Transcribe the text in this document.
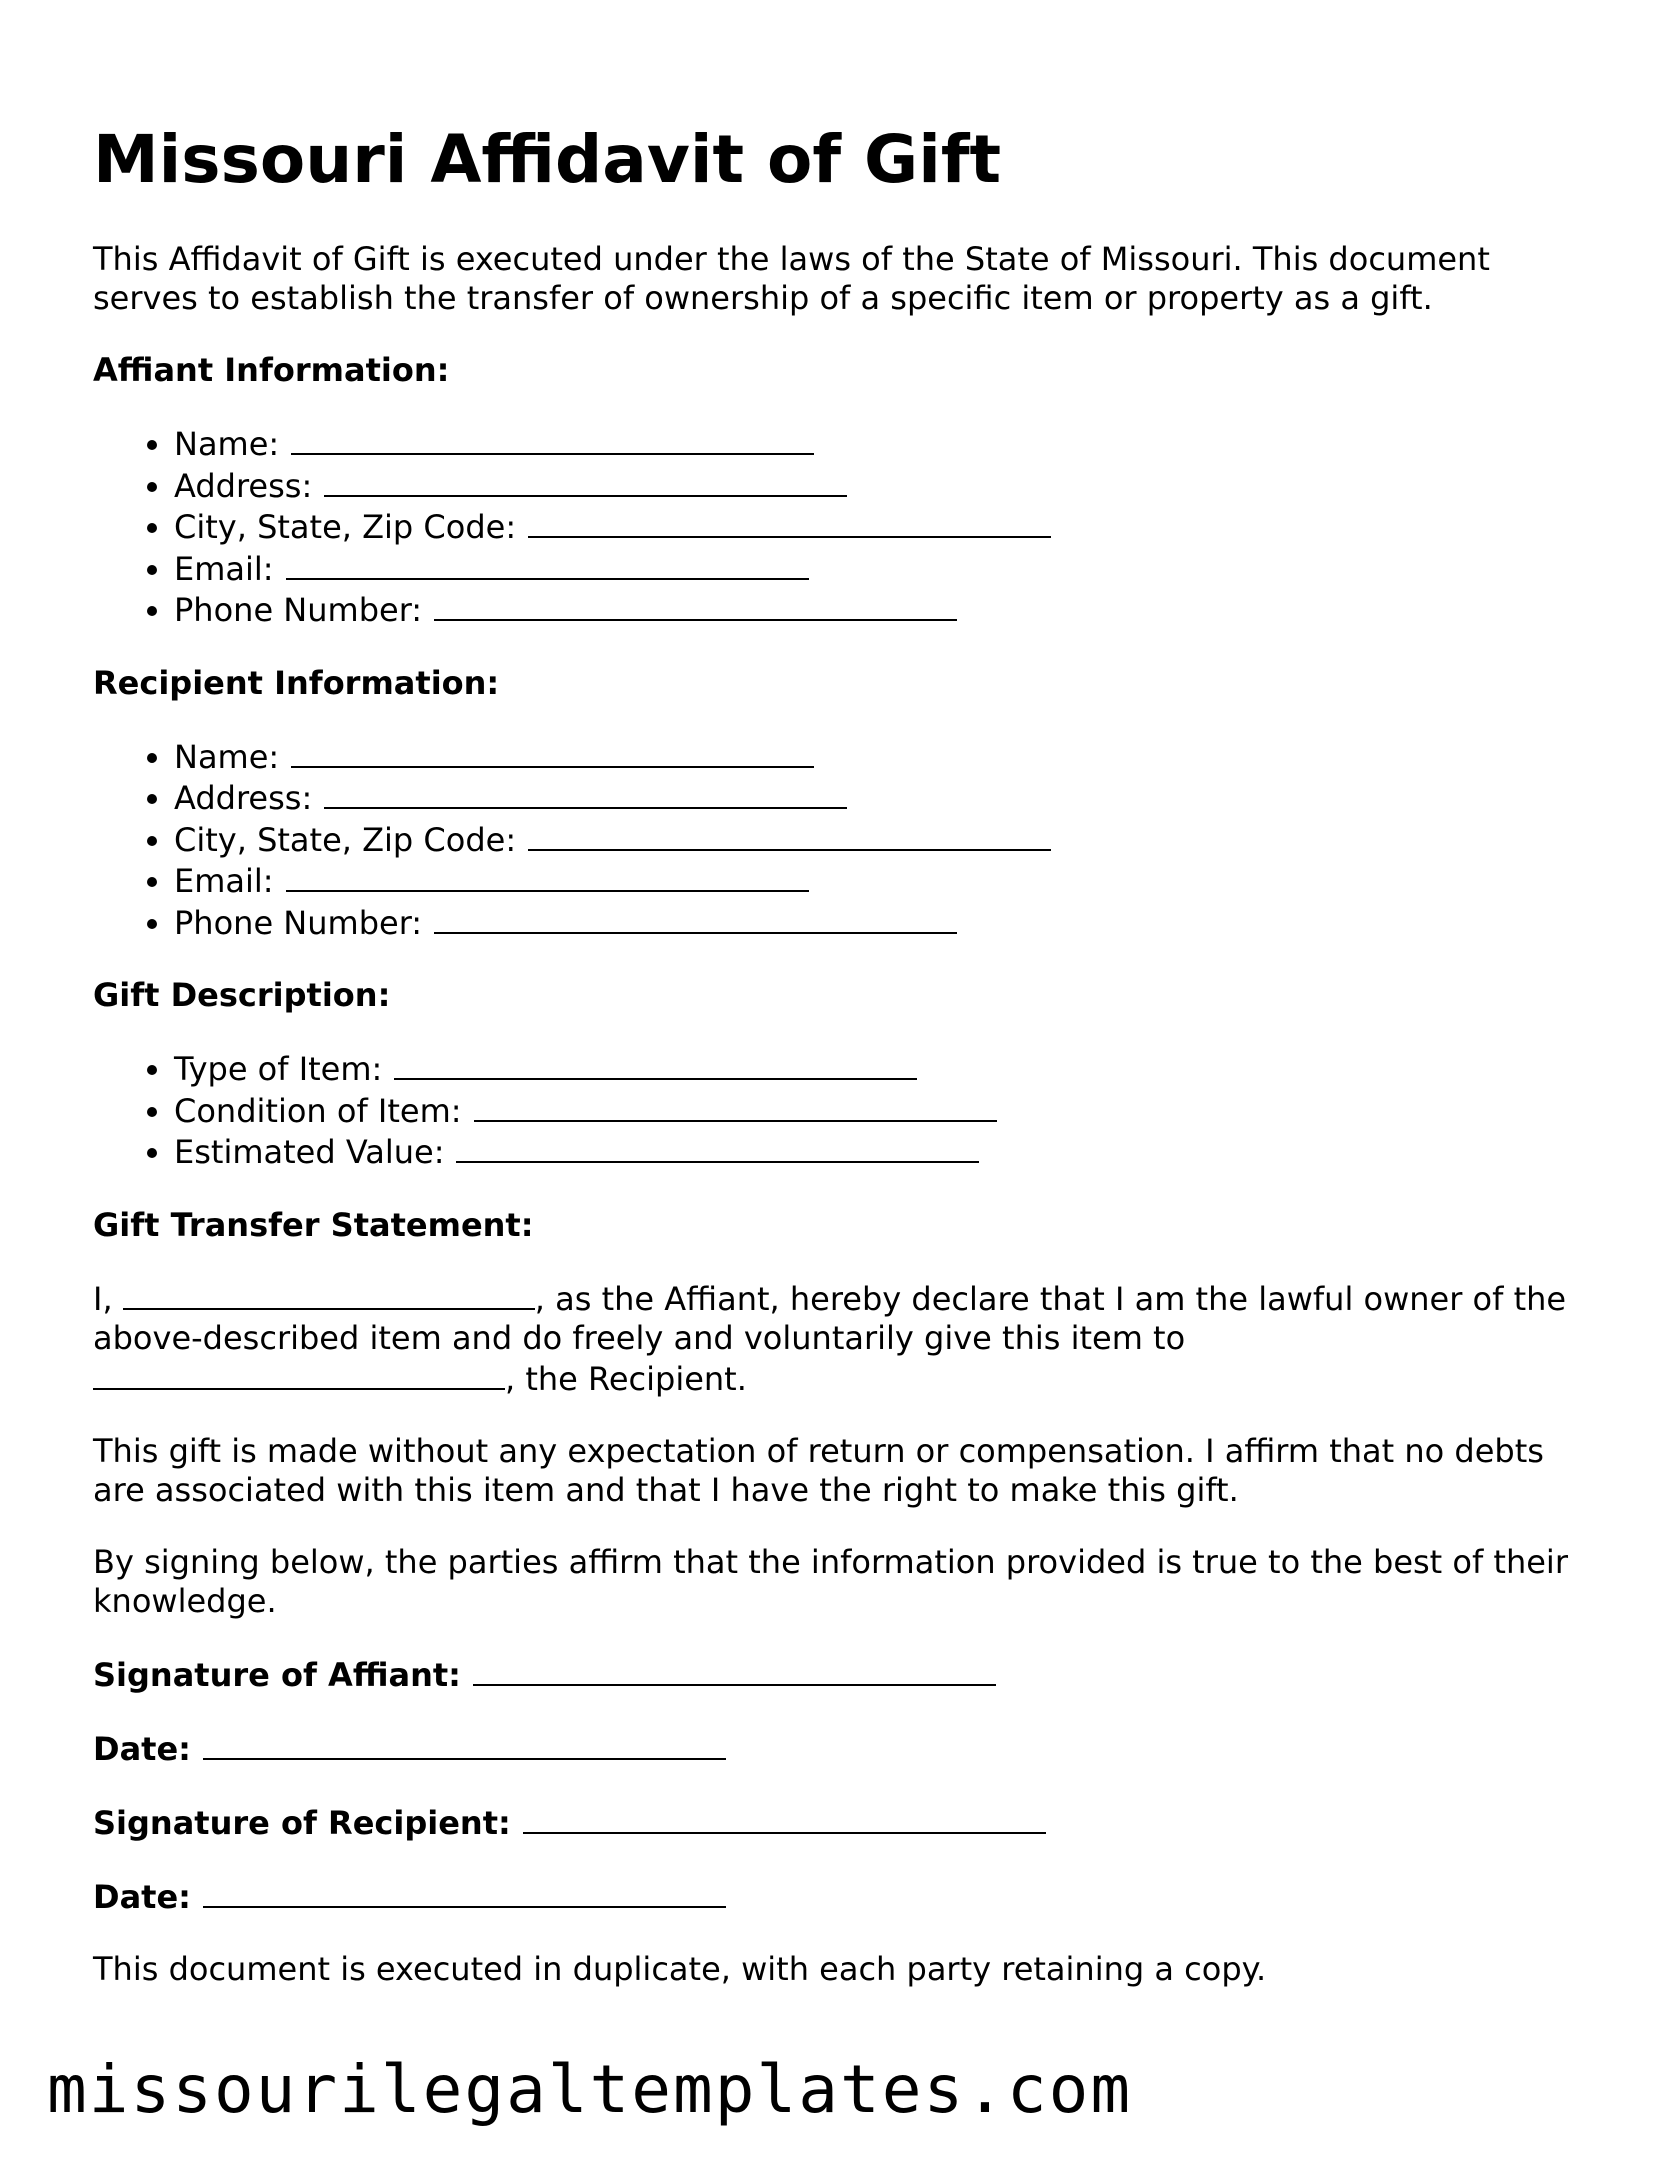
Missouri Affidavit of Gift

This Affidavit of Gift is executed under the laws of the State of Missouri. This document serves to establish the transfer of ownership of a specific item or property as a gift.

Affiant Information:
• Name:
• Address:
• City, State, Zip Code:
• Email:
• Phone Number:
Recipient Information:
• Name:
• Address:
• City, State, Zip Code:
• Email:
• Phone Number:
Gift Description:
• Type of Item:
• Condition of Item:
• Estimated Value:
Gift Transfer Statement:

I,	, as the Affiant, hereby declare that I am the lawful owner of the above-described item and do freely and voluntarily give this item to , the Recipient.

This gift is made without any expectation of return or compensation. I affirm that no debts are associated with this item and that I have the right to make this gift.

By signing below, the parties affirm that the information provided is true to the best of their knowledge.

Signature of Affiant:
Date:
Signature of Recipient:
Date:

This document is executed in duplicate, with each party retaining a copy.

missourilegaltemplates.com
